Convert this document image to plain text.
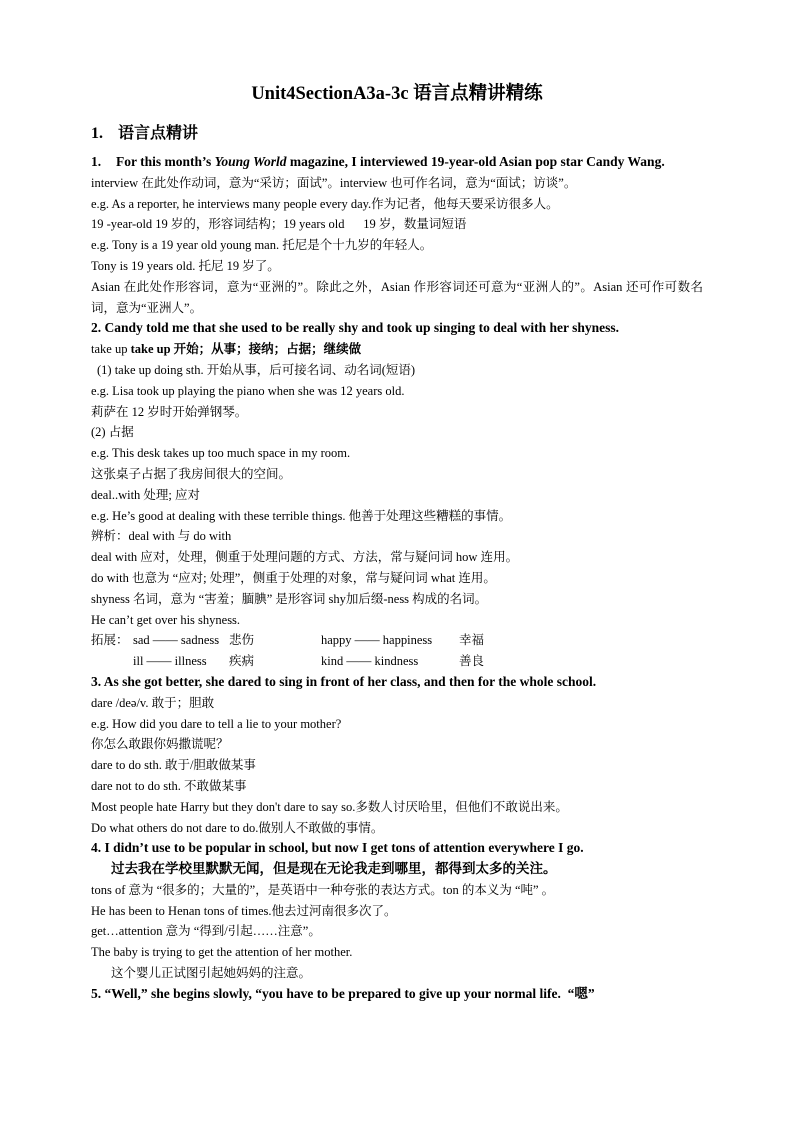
Unit4SectionA3a-3c 语言点精讲精练
1. 语言点精讲
1. For this month’s Young World magazine, I interviewed 19-year-old Asian pop star Candy Wang.
interview 在此处作动词，意为“采访；面试”。interview 也可作名词，意为“面试；访谈”。
e.g. As a reporter, he interviews many people every day.作为记者，他每天要采访很多人。
19 -year-old 19 岁的，形容词结构；19 years old      19 岁，数量词短语
e.g. Tony is a 19 year old young man. 托尼是个十九岁的年轻人。
Tony is 19 years old. 托尼 19 岁了。
Asian 在此处作形容词，意为“亚洲的”。除此之外，Asian 作形容词还可意为“亚洲人的”。Asian 还可作可数名词，意为“亚洲人”。
2. Candy told me that she used to be really shy and took up singing to deal with her shyness.
take up take up 开始；从事；接纳；占据；继续做
(1) take up doing sth. 开始从事，后可接名词、动名词(短语)
e.g. Lisa took up playing the piano when she was 12 years old.
莉萨在 12 岁时开始弹钢琴。
(2) 占据
e.g. This desk takes up too much space in my room.
这张桌子占据了我房间很大的空间。
deal..with 处理; 应对
e.g. He’s good at dealing with these terrible things. 他善于处理这些糟糕的事情。
辨析：deal with 与 do with
deal with 应对，处理，侧重于处理问题的方式、方法，常与疑问词 how 连用。
do with 也意为 “应对; 处理”，侧重于处理的对象，常与疑问词 what 连用。
shyness 名词，意为 “害羞；腼腆” 是形容词 shy加后缀-ness 构成的名词。
He can’t get over his shyness.
拓展：	sad —— sadness	悲伤	happy —— happiness	幸福
	ill —— illness	疾病	kind —— kindness	善良
3. As she got better, she dared to sing in front of her class, and then for the whole school.
dare /deə/v. 敢于；胆敢
e.g. How did you dare to tell a lie to your mother?
你怎么敢跟你妈撒谎呢？
dare to do sth. 敢于/胆敢做某事
dare not to do sth. 不敢做某事
Most people hate Harry but they don't dare to say so.多数人讨厌哈里，但他们不敢说出来。
Do what others do not dare to do.做别人不敢做的事情。
4. I didn’t use to be popular in school, but now I get tons of attention everywhere I go.
过去我在学校里默默无闻，但是现在无论我走到哪里，都得到太多的关注。
tons of 意为 “很多的；大量的”，是英语中一种夸张的表达方式。ton 的本义为 “吨” 。
He has been to Henan tons of times.他去过河南很多次了。
get…attention 意为 “得到/引起……注意”。
The baby is trying to get the attention of her mother.
这个婴儿正试图引起她妈妈的注意。
5. “Well,” she begins slowly, “you have to be prepared to give up your normal life.  “嗯”
